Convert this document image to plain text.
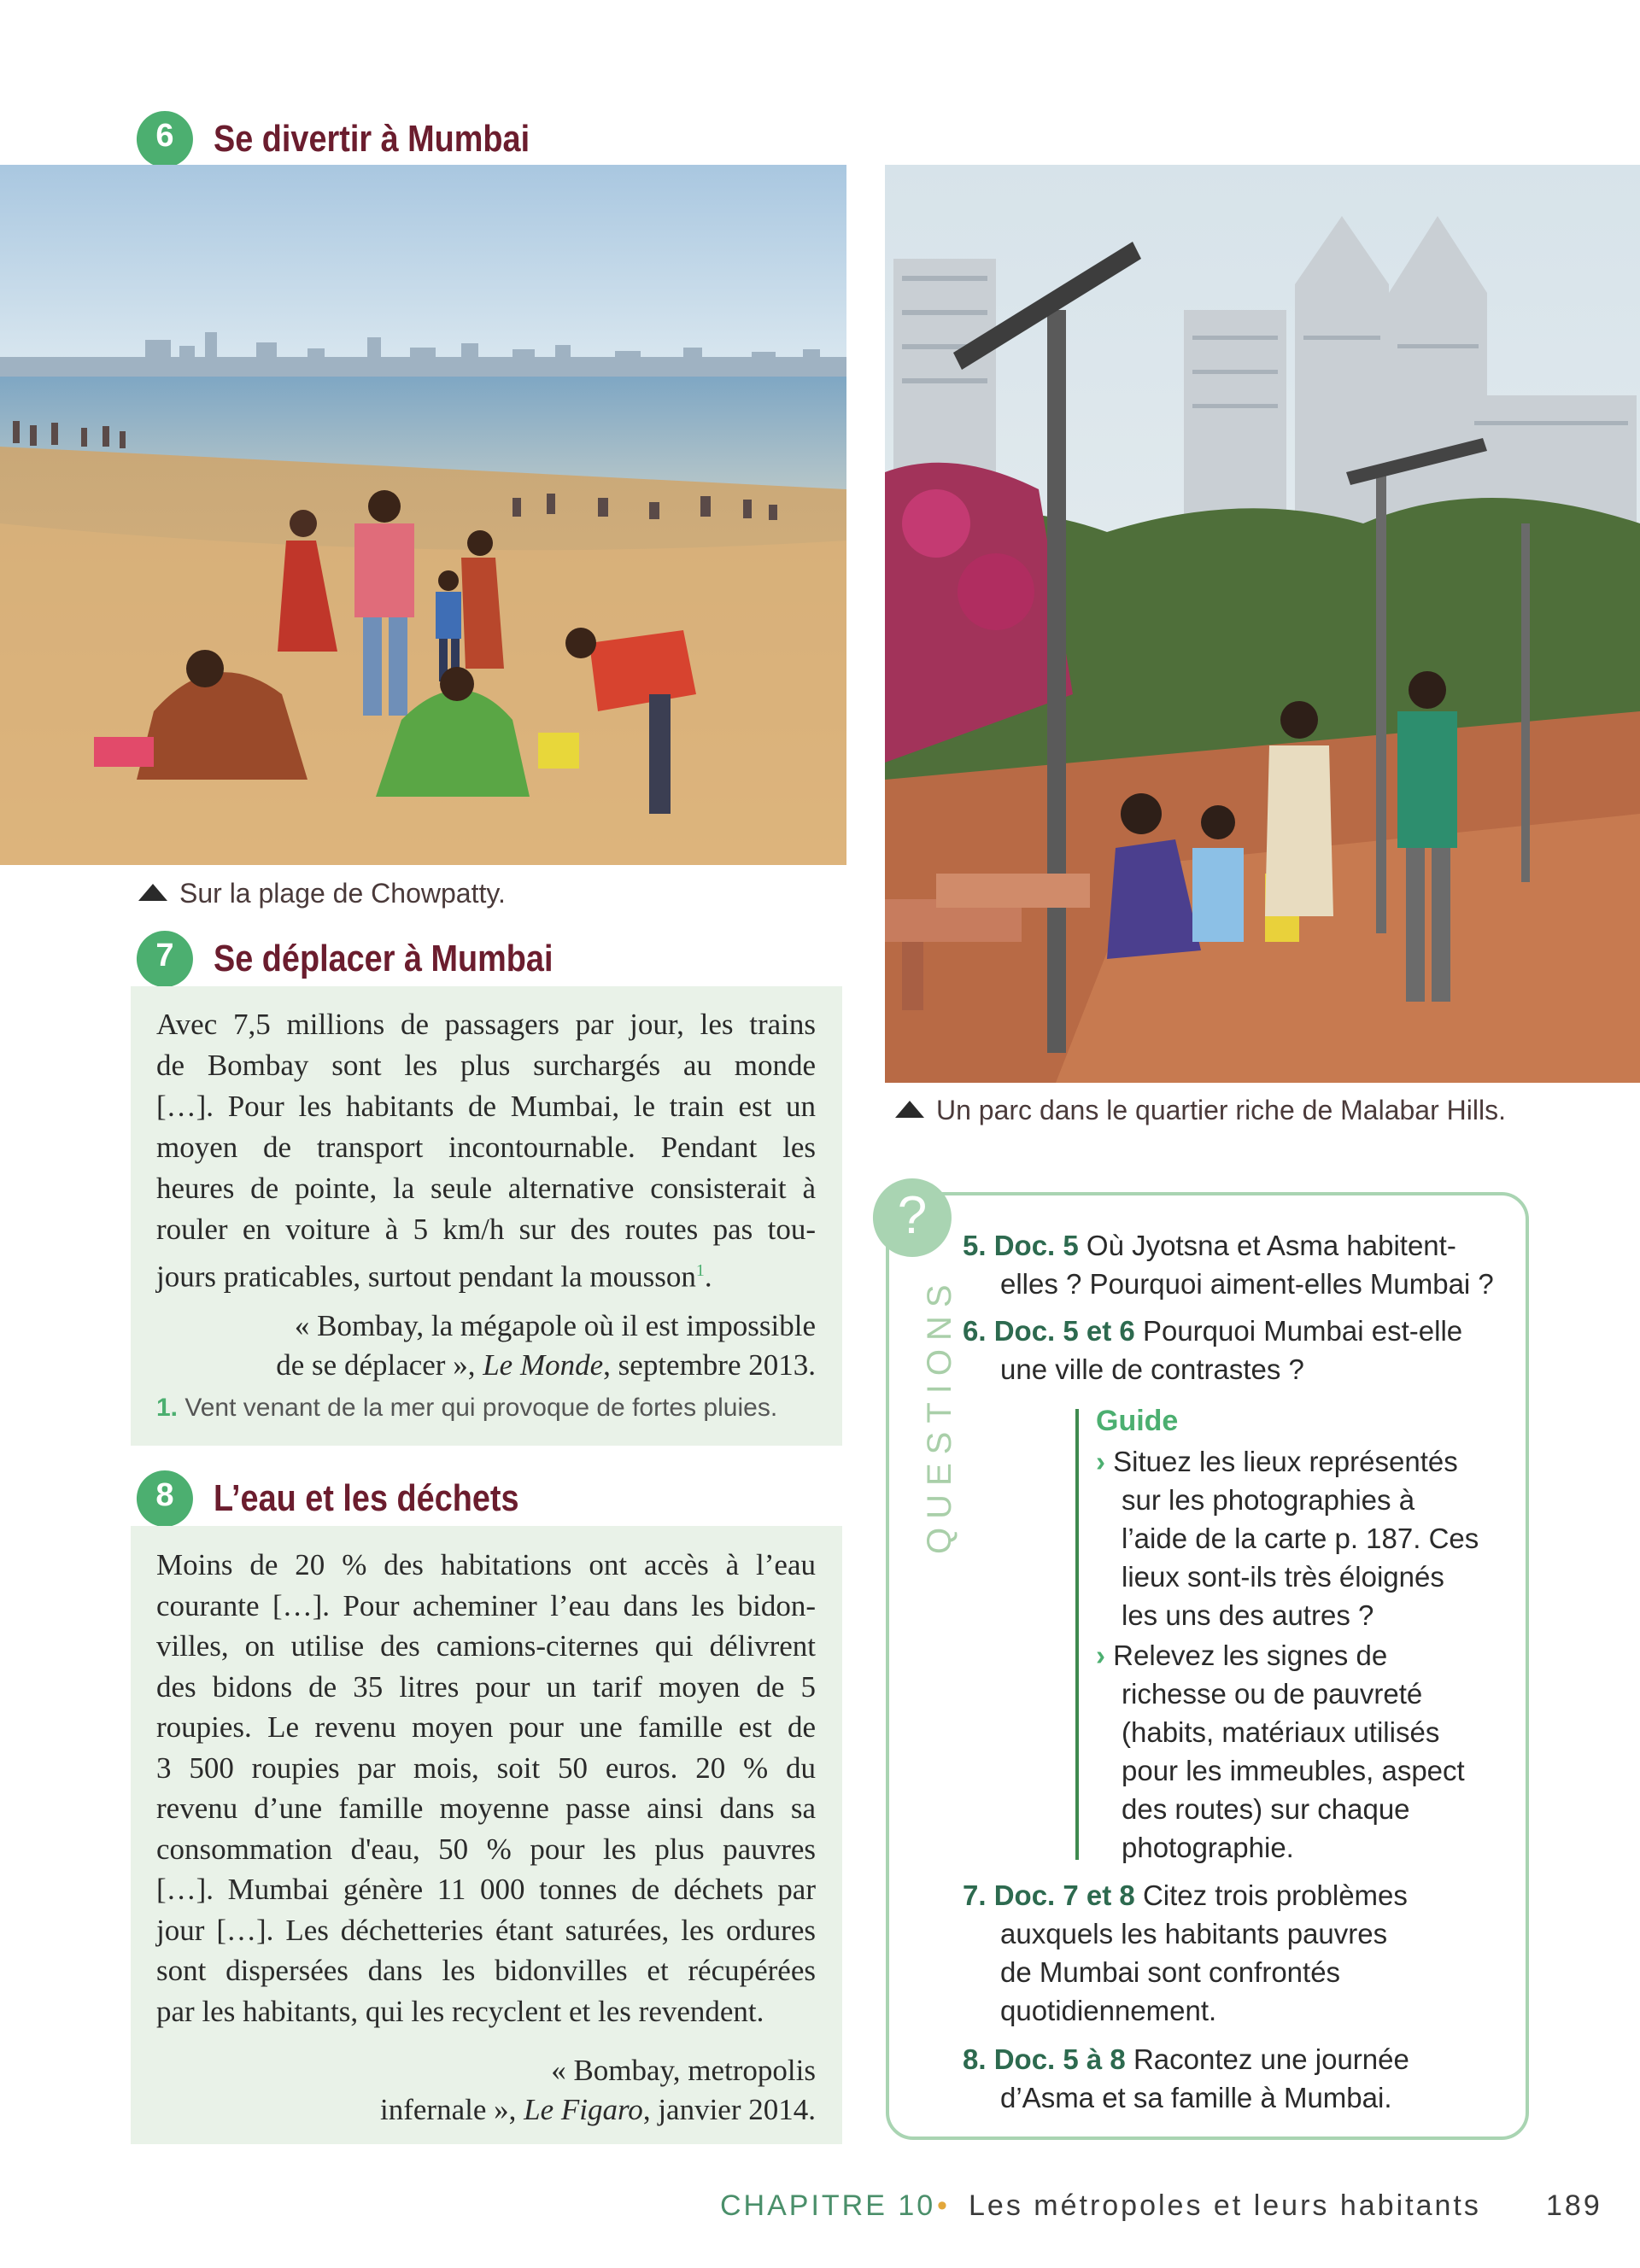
6	Se divertir à Mumbai
Sur la plage de Chowpatty.
Un parc dans le quartier riche de Malabar Hills.
7	Se déplacer à Mumbai
Avec 7,5 millions de passagers par jour, les trains
de Bombay sont les plus surchargés au monde
[…]. Pour les habitants de Mumbai, le train est un
moyen de transport incontournable. Pendant les
heures de pointe, la seule alternative consisterait à
rouler en voiture à 5 km/h sur des routes pas tou-
jours praticables, surtout pendant la mousson$^1$.
« Bombay, la mégapole où il est impossible
de se déplacer », Le Monde, septembre 2013.
1. Vent venant de la mer qui provoque de fortes pluies.
8	L’eau et les déchets
Moins de 20 % des habitations ont accès à l’eau
courante […]. Pour acheminer l’eau dans les bidon-
villes, on utilise des camions-citernes qui délivrent
des bidons de 35 litres pour un tarif moyen de 5
roupies. Le revenu moyen pour une famille est de
3 500 roupies par mois, soit 50 euros. 20 % du
revenu d’une famille moyenne passe ainsi dans sa
consommation d'eau, 50 % pour les plus pauvres
[…]. Mumbai génère 11 000 tonnes de déchets par
jour […]. Les déchetteries étant saturées, les ordures
sont dispersées dans les bidonvilles et récupérées
par les habitants, qui les recyclent et les revendent.
« Bombay, metropolis
infernale », Le Figaro, janvier 2014.
?
QUESTIONS
5. Doc. 5 Où Jyotsna et Asma habitent-
elles ? Pourquoi aiment-elles Mumbai ?
6. Doc. 5 et 6 Pourquoi Mumbai est-elle
une ville de contrastes ?
Guide
› Situez les lieux représentés
sur les photographies à
l’aide de la carte p. 187. Ces
lieux sont-ils très éloignés
les uns des autres ?
› Relevez les signes de
richesse ou de pauvreté
(habits, matériaux utilisés
pour les immeubles, aspect
des routes) sur chaque
photographie.
7. Doc. 7 et 8 Citez trois problèmes
auxquels les habitants pauvres
de Mumbai sont confrontés
quotidiennement.
8. Doc. 5 à 8 Racontez une journée
d’Asma et sa famille à Mumbai.
CHAPITRE 10 • Les métropoles et leurs habitants 189
